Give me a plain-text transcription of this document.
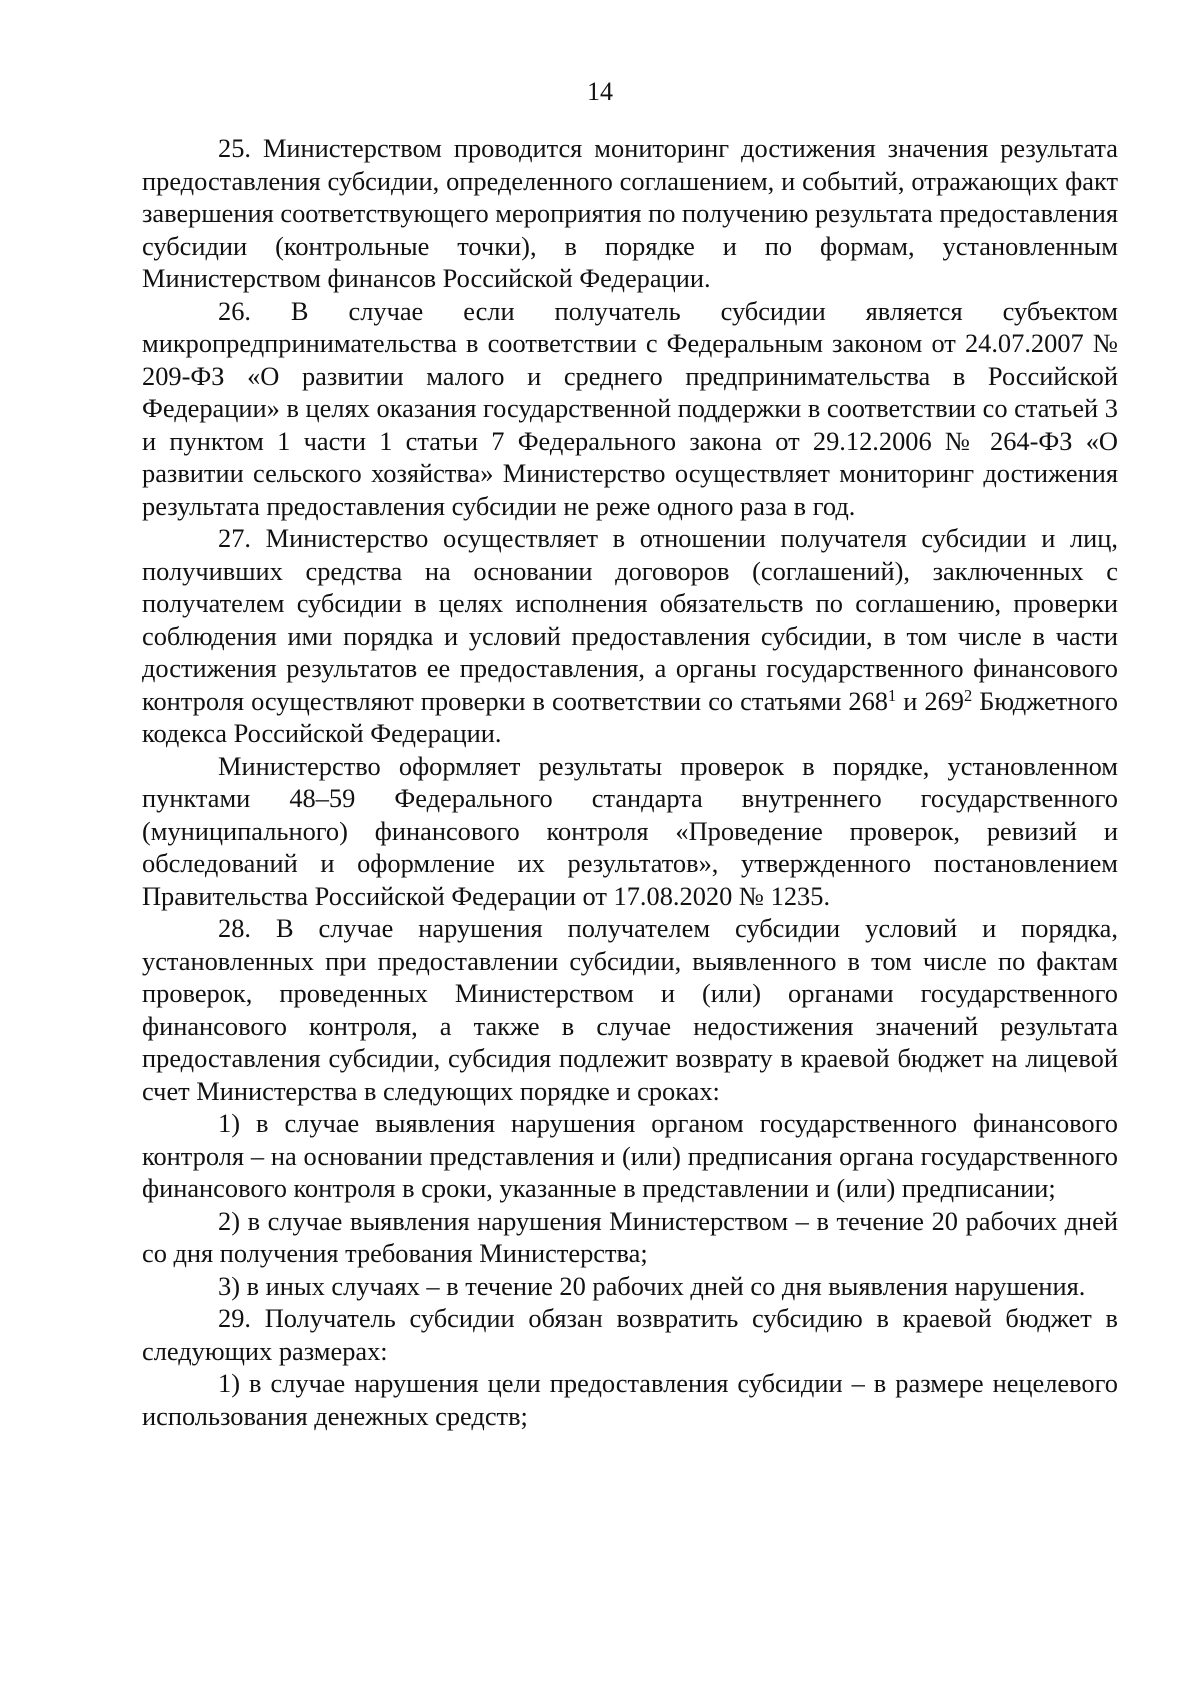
14

25. Министерством проводится мониторинг достижения значения результата предоставления субсидии, определенного соглашением, и событий, отражающих факт завершения соответствующего мероприятия по получению результата предоставления субсидии (контрольные точки), в порядке и по формам, установленным Министерством финансов Российской Федерации.

26. В случае если получатель субсидии является субъектом микропредпринимательства в соответствии с Федеральным законом от 24.07.2007 № 209-ФЗ «О развитии малого и среднего предпринимательства в Российской Федерации» в целях оказания государственной поддержки в соответствии со статьей 3 и пунктом 1 части 1 статьи 7 Федерального закона от 29.12.2006 № 264-ФЗ «О развитии сельского хозяйства» Министерство осуществляет мониторинг достижения результата предоставления субсидии не реже одного раза в год.

27. Министерство осуществляет в отношении получателя субсидии и лиц, получивших средства на основании договоров (соглашений), заключенных с получателем субсидии в целях исполнения обязательств по соглашению, проверки соблюдения ими порядка и условий предоставления субсидии, в том числе в части достижения результатов ее предоставления, а органы государственного финансового контроля осуществляют проверки в соответствии со статьями $268^1$ и $269^2$ Бюджетного кодекса Российской Федерации.

Министерство оформляет результаты проверок в порядке, установленном пунктами 48–59 Федерального стандарта внутреннего государственного (муниципального) финансового контроля «Проведение проверок, ревизий и обследований и оформление их результатов», утвержденного постановлением Правительства Российской Федерации от 17.08.2020 № 1235.

28. В случае нарушения получателем субсидии условий и порядка, установленных при предоставлении субсидии, выявленного в том числе по фактам проверок, проведенных Министерством и (или) органами государственного финансового контроля, а также в случае недостижения значений результата предоставления субсидии, субсидия подлежит возврату в краевой бюджет на лицевой счет Министерства в следующих порядке и сроках:

1) в случае выявления нарушения органом государственного финансового контроля – на основании представления и (или) предписания органа государственного финансового контроля в сроки, указанные в представлении и (или) предписании;

2) в случае выявления нарушения Министерством – в течение 20 рабочих дней со дня получения требования Министерства;

3) в иных случаях – в течение 20 рабочих дней со дня выявления нарушения.

29. Получатель субсидии обязан возвратить субсидию в краевой бюджет в следующих размерах:

1) в случае нарушения цели предоставления субсидии – в размере нецелевого использования денежных средств;
